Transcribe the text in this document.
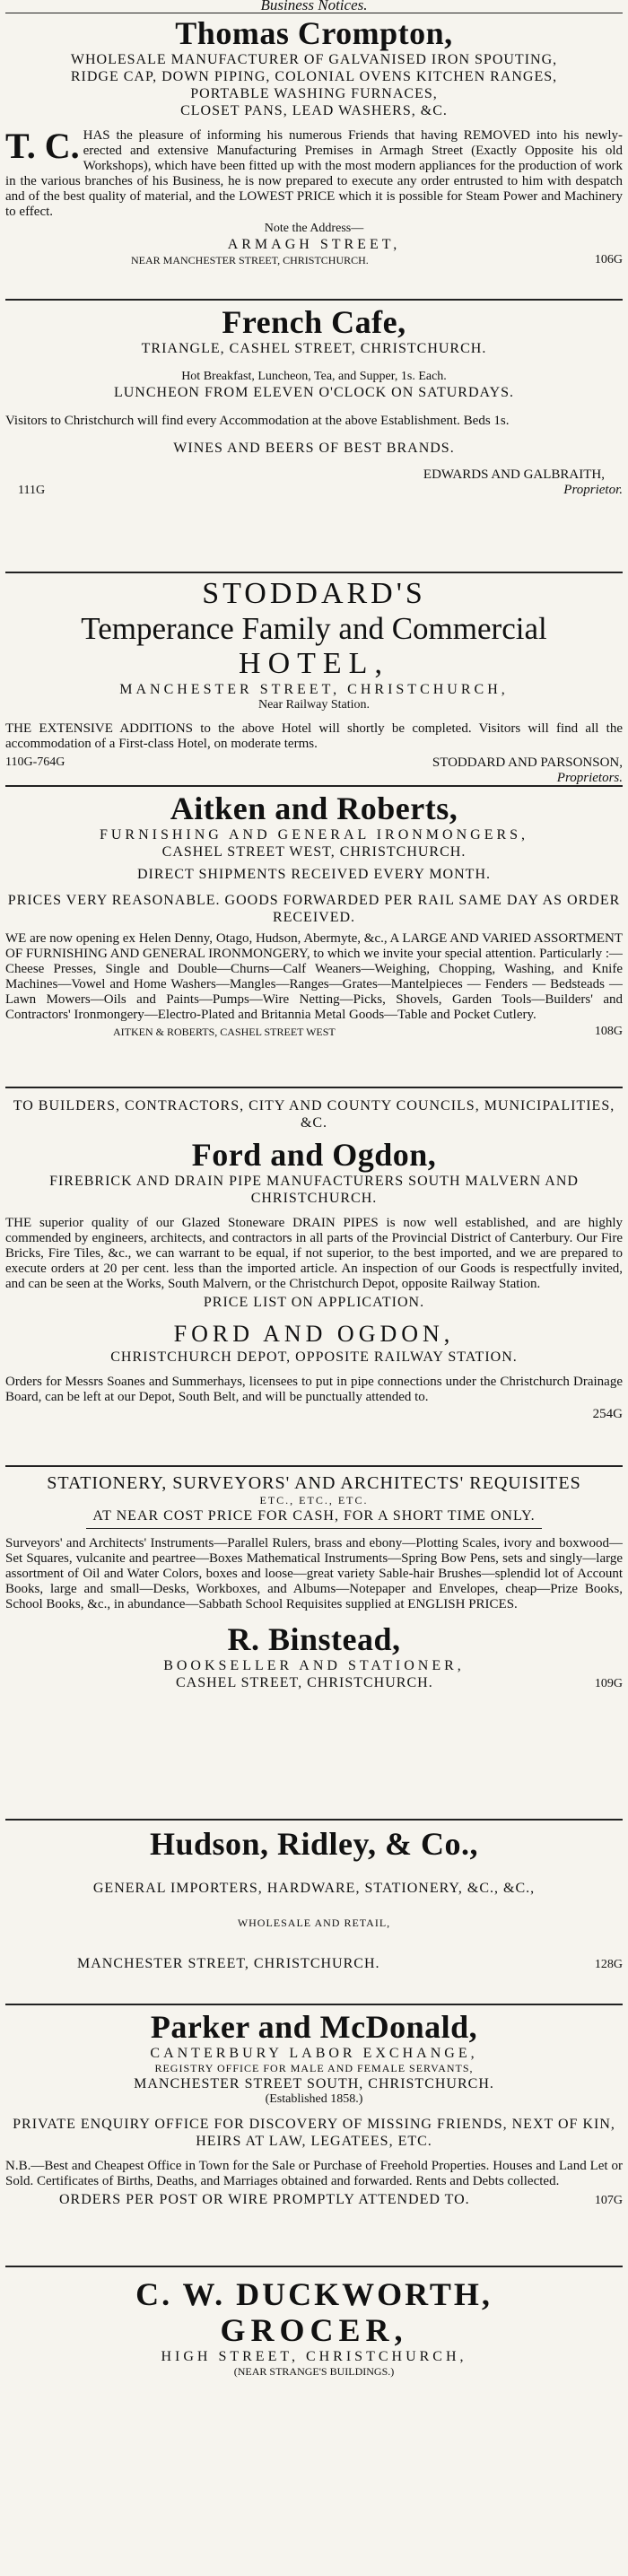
Business Notices.
Thomas Crompton,
WHOLESALE MANUFACTURER OF GALVANISED IRON SPOUTING,
RIDGE CAP, DOWN PIPING, COLONIAL OVENS KITCHEN RANGES,
PORTABLE WASHING FURNACES,
CLOSET PANS, LEAD WASHERS, &C.
T. C. HAS the pleasure of informing his numerous Friends that having REMOVED into his newly-erected and extensive Manufacturing Premises in Armagh Street (Exactly Opposite his old Workshops), which have been fitted up with the most modern appliances for the production of work in the various branches of his Business, he is now prepared to execute any order entrusted to him with despatch and of the best quality of material, and the LOWEST PRICE which it is possible for Steam Power and Machinery to effect.
Note the Address—
ARMAGH STREET,
NEAR MANCHESTER STREET, CHRISTCHURCH.	106G
French Cafe,
TRIANGLE, CASHEL STREET, CHRISTCHURCH.
Hot Breakfast, Luncheon, Tea, and Supper, 1s. Each.
LUNCHEON FROM ELEVEN O'CLOCK ON SATURDAYS.
Visitors to Christchurch will find every Accommodation at the above Establishment. Beds 1s.
WINES AND BEERS OF BEST BRANDS.
EDWARDS AND GALBRAITH,
111G	Proprietor.
STODDARD'S
Temperance Family and Commercial
HOTEL,
MANCHESTER STREET, CHRISTCHURCH,
Near Railway Station.
THE EXTENSIVE ADDITIONS to the above Hotel will shortly be completed. Visitors will find all the accommodation of a First-class Hotel, on moderate terms.
110G-764G	STODDARD AND PARSONSON,
Proprietors.
Aitken and Roberts,
FURNISHING AND GENERAL IRONMONGERS,
CASHEL STREET WEST, CHRISTCHURCH.
DIRECT SHIPMENTS RECEIVED EVERY MONTH.
PRICES VERY REASONABLE. GOODS FORWARDED PER RAIL SAME DAY AS ORDER RECEIVED.
WE are now opening ex Helen Denny, Otago, Hudson, Abermyte, &c., A LARGE AND VARIED ASSORTMENT OF FURNISHING AND GENERAL IRONMONGERY, to which we invite your special attention. Particularly :— Cheese Presses, Single and Double—Churns—Calf Weaners—Weighing, Chopping, Washing, and Knife Machines—Vowel and Home Washers—Mangles—Ranges—Grates—Mantelpieces — Fenders — Bedsteads — Lawn Mowers—Oils and Paints—Pumps—Wire Netting—Picks, Shovels, Garden Tools—Builders' and Contractors' Ironmongery—Electro-Plated and Britannia Metal Goods—Table and Pocket Cutlery.
AITKEN & ROBERTS, CASHEL STREET WEST	108G
TO BUILDERS, CONTRACTORS, CITY AND COUNTY COUNCILS, MUNICIPALITIES, &C.
Ford and Ogdon,
FIREBRICK AND DRAIN PIPE MANUFACTURERS SOUTH MALVERN AND CHRISTCHURCH.
THE superior quality of our Glazed Stoneware DRAIN PIPES is now well established, and are highly commended by engineers, architects, and contractors in all parts of the Provincial District of Canterbury. Our Fire Bricks, Fire Tiles, &c., we can warrant to be equal, if not superior, to the best imported, and we are prepared to execute orders at 20 per cent. less than the imported article. An inspection of our Goods is respectfully invited, and can be seen at the Works, South Malvern, or the Christchurch Depot, opposite Railway Station.
PRICE LIST ON APPLICATION.
FORD AND OGDON,
CHRISTCHURCH DEPOT, OPPOSITE RAILWAY STATION.
Orders for Messrs Soanes and Summerhays, licensees to put in pipe connections under the Christchurch Drainage Board, can be left at our Depot, South Belt, and will be punctually attended to.
254G
STATIONERY, SURVEYORS' AND ARCHITECTS' REQUISITES
ETC., ETC., ETC.
AT NEAR COST PRICE FOR CASH, FOR A SHORT TIME ONLY.
Surveyors' and Architects' Instruments—Parallel Rulers, brass and ebony—Plotting Scales, ivory and boxwood—Set Squares, vulcanite and peartree—Boxes Mathematical Instruments—Spring Bow Pens, sets and singly—large assortment of Oil and Water Colors, boxes and loose—great variety Sable-hair Brushes—splendid lot of Account Books, large and small—Desks, Workboxes, and Albums—Notepaper and Envelopes, cheap—Prize Books, School Books, &c., in abundance—Sabbath School Requisites supplied at ENGLISH PRICES.
R. Binstead,
BOOKSELLER AND STATIONER,
CASHEL STREET, CHRISTCHURCH.	109G
Hudson, Ridley, & Co.,
GENERAL IMPORTERS, HARDWARE, STATIONERY, &C., &C.,
WHOLESALE AND RETAIL,
MANCHESTER STREET, CHRISTCHURCH.	128G
Parker and McDonald,
CANTERBURY LABOR EXCHANGE,
REGISTRY OFFICE FOR MALE AND FEMALE SERVANTS,
MANCHESTER STREET SOUTH, CHRISTCHURCH.
(Established 1858.)
PRIVATE ENQUIRY OFFICE FOR DISCOVERY OF MISSING FRIENDS, NEXT OF KIN, HEIRS AT LAW, LEGATEES, ETC.
N.B.—Best and Cheapest Office in Town for the Sale or Purchase of Freehold Properties. Houses and Land Let or Sold. Certificates of Births, Deaths, and Marriages obtained and forwarded. Rents and Debts collected.
ORDERS PER POST OR WIRE PROMPTLY ATTENDED TO.	107G
C. W. DUCKWORTH,
GROCER,
HIGH STREET, CHRISTCHURCH,
(NEAR STRANGE'S BUILDINGS.)
